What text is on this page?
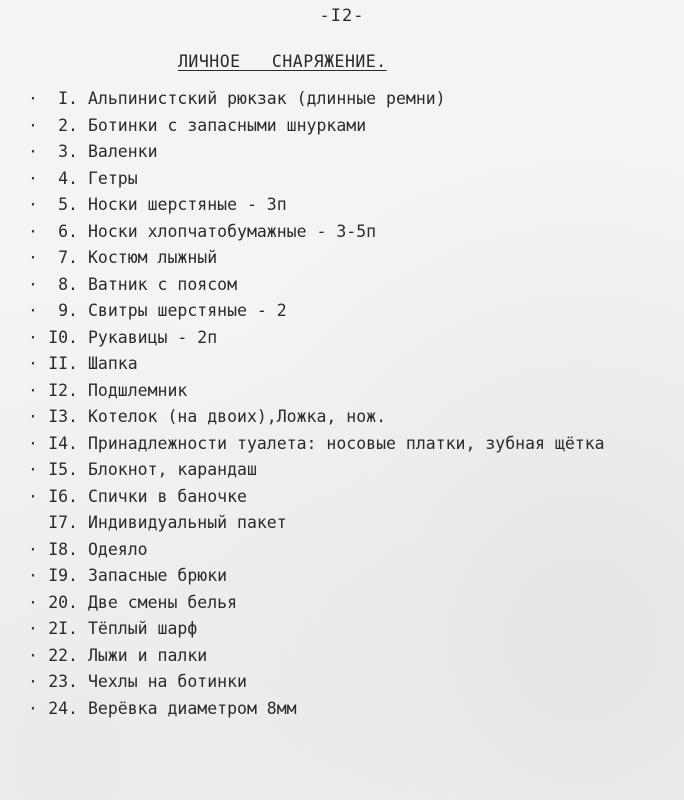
-I2-
ЛИЧНОЕ   СНАРЯЖЕНИЕ.
· I. Альпинистский рюкзак (длинные ремни)
· 2. Ботинки с запасными шнурками
· 3. Валенки
· 4. Гетры
· 5. Носки шерстяные - 3п
· 6. Носки хлопчатобумажные - 3-5п
· 7. Костюм лыжный
· 8. Ватник с поясом
· 9. Свитры шерстяные - 2
· I0. Рукавицы - 2п
· II. Шапка
· I2. Подшлемник
· I3. Котелок (на двоих),Ложка, нож.
· I4. Принадлежности туалета: носовые платки, зубная щётка
· I5. Блокнот, карандаш
· I6. Спички в баночке
I7. Индивидуальный пакет
· I8. Одеяло
· I9. Запасные брюки
· 20. Две смены белья
· 2I. Тёплый шарф
· 22. Лыжи и палки
· 23. Чехлы на ботинки
· 24. Верёвка диаметром 8мм
